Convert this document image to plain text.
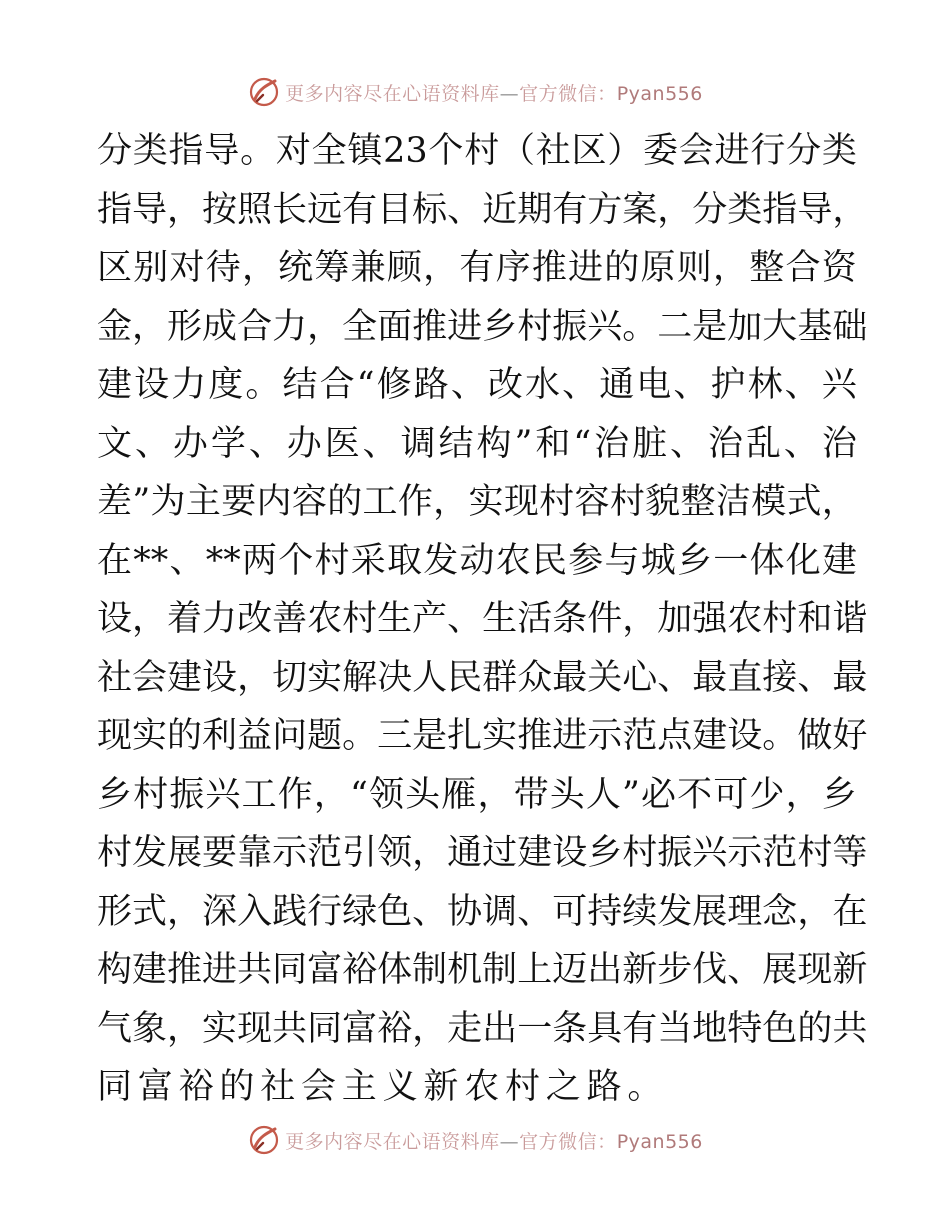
更多内容尽在心语资料库—官方微信：Pyan556
分 类 指 导 。 对 全 镇 23 个 村 （ 社 区 ） 委 会 进 行 分 类
指 导 ， 按 照 长 远 有 目 标 、 近 期 有 方 案 ， 分 类 指 导 ，
区 别 对 待 ， 统 筹 兼 顾 ， 有 序 推 进 的 原 则 ， 整 合 资
金 ， 形 成 合 力 ， 全 面 推 进 乡 村 振 兴 。 二 是 加 大 基 础
建 设 力 度 。 结 合 “ 修 路 、 改 水 、 通 电 、 护 林 、 兴
文 、 办 学 、 办 医 、 调 结 构 ” 和 “ 治 脏 、 治 乱 、 治
差 ” 为 主 要 内 容 的 工 作 ， 实 现 村 容 村 貌 整 洁 模 式 ，
在 ** 、 ** 两 个 村 采 取 发 动 农 民 参 与 城 乡 一 体 化 建
设 ， 着 力 改 善 农 村 生 产 、 生 活 条 件 ， 加 强 农 村 和 谐
社 会 建 设 ， 切 实 解 决 人 民 群 众 最 关 心 、 最 直 接 、 最
现 实 的 利 益 问 题 。 三 是 扎 实 推 进 示 范 点 建 设 。 做 好
乡 村 振 兴 工 作 ， “ 领 头 雁 ， 带 头 人 ” 必 不 可 少 ， 乡
村 发 展 要 靠 示 范 引 领 ， 通 过 建 设 乡 村 振 兴 示 范 村 等
形 式 ， 深 入 践 行 绿 色 、 协 调 、 可 持 续 发 展 理 念 ， 在
构 建 推 进 共 同 富 裕 体 制 机 制 上 迈 出 新 步 伐 、 展 现 新
气 象 ， 实 现 共 同 富 裕 ， 走 出 一 条 具 有 当 地 特 色 的 共
同富裕的社会主义新农村之路。
更多内容尽在心语资料库—官方微信：Pyan556
